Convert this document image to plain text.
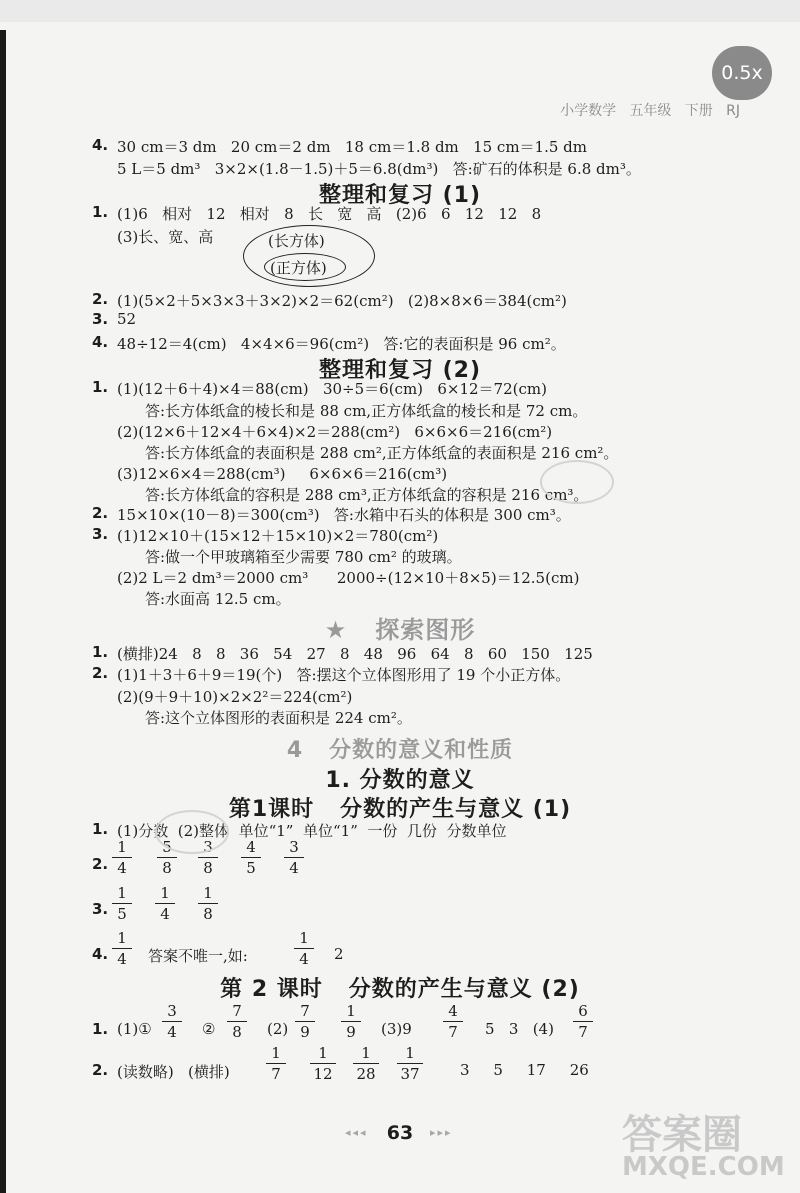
0.5x
小学数学   五年级   下册   RJ
4. 30 cm＝3 dm   20 cm＝2 dm   18 cm＝1.8 dm   15 cm＝1.5 dm
5 L＝5 dm³   3×2×(1.8－1.5)＋5＝6.8(dm³)   答:矿石的体积是 6.8 dm³。
整理和复习 (1)
1. (1)6   相对   12   相对   8   长   宽   高   (2)6   6   12   12   8
(3)长、宽、高	(长方体)
(正方体)
2. (1)(5×2＋5×3×3＋3×2)×2＝62(cm²)   (2)8×8×6＝384(cm²)
3. 52
4. 48÷12＝4(cm)   4×4×6＝96(cm²)   答:它的表面积是 96 cm²。
整理和复习 (2)
1. (1)(12＋6＋4)×4＝88(cm)   30÷5＝6(cm)   6×12＝72(cm)
答:长方体纸盒的棱长和是 88 cm,正方体纸盒的棱长和是 72 cm。
(2)(12×6＋12×4＋6×4)×2＝288(cm²)   6×6×6＝216(cm²)
答:长方体纸盒的表面积是 288 cm²,正方体纸盒的表面积是 216 cm²。
(3)12×6×4＝288(cm³)     6×6×6＝216(cm³)
答:长方体纸盒的容积是 288 cm³,正方体纸盒的容积是 216 cm³。
2. 15×10×(10－8)＝300(cm³)   答:水箱中石头的体积是 300 cm³。
3. (1)12×10＋(15×12＋15×10)×2＝780(cm²)
答:做一个甲玻璃箱至少需要 780 cm² 的玻璃。
(2)2 L＝2 dm³＝2000 cm³      2000÷(12×10＋8×5)＝12.5(cm)
答:水面高 12.5 cm。
★   探索图形
1. (横排)24   8   8   36   54   27   8   48   96   64   8   60   150   125
2. (1)1＋3＋6＋9＝19(个)   答:摆这个立体图形用了 19 个小正方体。
(2)(9＋9＋10)×2×2²＝224(cm²)
答:这个立体图形的表面积是 224 cm²。
4   分数的意义和性质
1. 分数的意义
第1课时   分数的产生与意义 (1)
1. (1)分数  (2)整体  单位“1”  单位“1”  一份  几份  分数单位
2.
1
4
5
8
3
8
4
5
3
4
3.
1
5
1
4
1
8
4.
1
4
1
4
答案不唯一,如:	2
第 2 课时   分数的产生与意义 (2)
1. (1)①	②	(2)	(3)9	5   3   (4)
3
4
7
8
7
9
1
9
4
7
6
7
2. (读数略)   (横排)	3     5     17     26
1
7
1
12
1
28
1
37
◂◂◂	63	▸▸▸	答案圈
MXQE.COM
